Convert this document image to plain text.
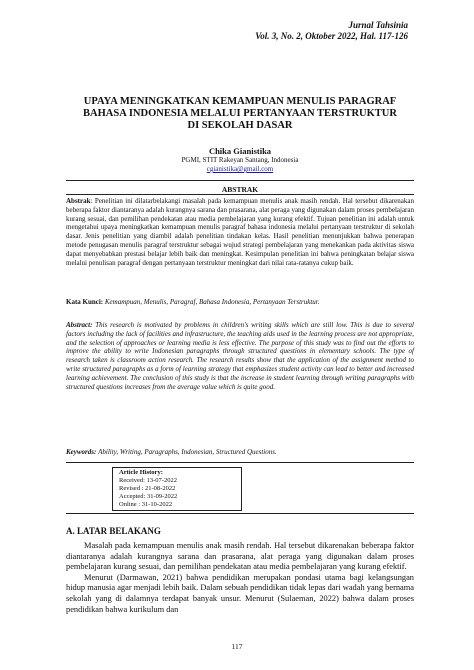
Jurnal Tahsinia
Vol. 3, No. 2, Oktober 2022, Hal. 117-126
UPAYA MENINGKATKAN KEMAMPUAN MENULIS PARAGRAF
BAHASA INDONESIA MELALUI PERTANYAAN TERSTRUKTUR
DI SEKOLAH DASAR
Chika Gianistika
PGMI, STIT Rakeyan Santang, Indonesia
cgianistika@gmail.com
ABSTRAK
Abstrak: Penelitian ini dilatarbelakangi masalah pada kemampuan menulis anak masih rendah. Hal tersebut dikarenakan beberapa faktor diantaranya adalah kurangnya sarana dan prasarana, alat peraga yang digunakan dalam proses pembelajaran kurang sesuai, dan pemilihan pendekatan atau media pembelajaran yang kurang efektif. Tujuan penelitian ini adalah untuk mengetahui upaya meningkatkan kemampuan menulis paragraf bahasa indonesia melalui pertanyaan terstruktur di sekolah dasar. Jenis penelitian yang diambil adalah penelitian tindakan kelas. Hasil penelitian menunjukkan bahwa penerapan metode penugasan menulis paragraf terstruktur sebagai wujud strategi pembelajaran yang menekankan pada aktivitas siswa dapat menyebabkan prestasi belajar lebih baik dan meningkat. Kesimpulan penelitian ini bahwa peningkatan belajar siswa melalui penulisan paragraf dengan pertanyaan terstruktur meningkat dari nilai rata-ratanya cukup baik.
Kata Kunci: Kemampuan, Menulis, Paragraf, Bahasa Indonesia, Pertanyaan Terstruktur.
Abstract: This research is motivated by problems in children's writing skills which are still low. This is due to several factors including the lack of facilities and infrastructure, the teaching aids used in the learning process are not appropriate, and the selection of approaches or learning media is less effective. The purpose of this study was to find out the efforts to improve the ability to write Indonesian paragraphs through structured questions in elementary schools. The type of research taken is classroom action research. The research results show that the application of the assignment method to write structured paragraphs as a form of learning strategy that emphasizes student activity can lead to better and increased learning achievement. The conclusion of this study is that the increase in student learning through writing paragraphs with structured questions increases from the average value which is quite good.
Keywords: Ability, Writing, Paragraphs, Indonesian, Structured Questions.
Article History:
Received: 13-07-2022
Revised : 21-08-2022
Accepted: 31-09-2022
Online : 31-10-2022
A. LATAR BELAKANG

Masalah pada kemampuan menulis anak masih rendah. Hal tersebut dikarenakan beberapa faktor diantaranya adalah kurangnya sarana dan prasarana, alat peraga yang digunakan dalam proses pembelajaran kurang sesuai, dan pemilihan pendekatan atau media pembelajaran yang kurang efektif.

Menurut (Darmawan, 2021) bahwa pendidikan merupakan pondasi utama bagi kelangsungan hidup manusia agar menjadi lebih baik. Dalam sebuah pendidikan tidak lepas dari wadah yang bernama sekolah yang di dalamnya terdapat banyak unsur. Menurut (Sulaeman, 2022) bahwa dalam proses pendidikan bahwa kurikulum dan

117
